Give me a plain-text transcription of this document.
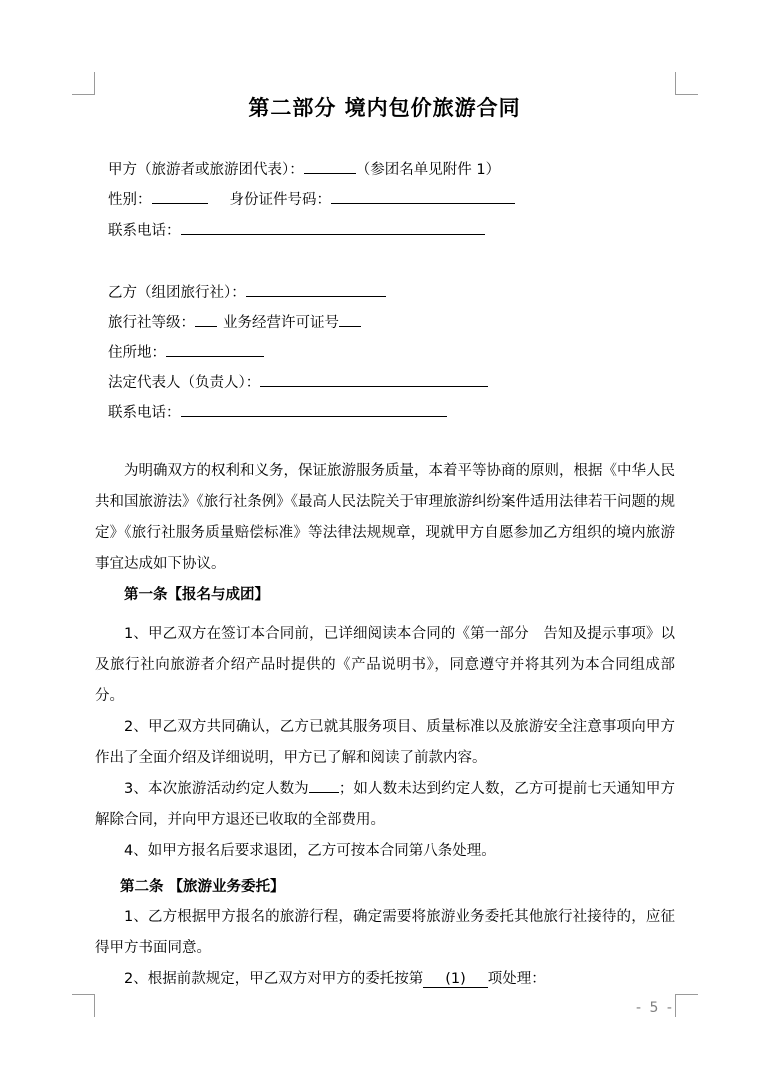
第二部分 境内包价旅游合同
甲方（旅游者或旅游团代表）：	（参团名单见附件 1）
性别：	身份证件号码：
联系电话：
乙方（组团旅行社）：
旅行社等级： 业务经营许可证号
住所地：
法定代表人（负责人）：
联系电话：
为明确双方的权利和义务，保证旅游服务质量，本着平等协商的原则，根据《中华人民共和国旅游法》《旅行社条例》《最高人民法院关于审理旅游纠纷案件适用法律若干问题的规定》《旅行社服务质量赔偿标准》等法律法规规章，现就甲方自愿参加乙方组织的境内旅游事宜达成如下协议。
第一条【报名与成团】
1、甲乙双方在签订本合同前，已详细阅读本合同的《第一部分　告知及提示事项》以及旅行社向旅游者介绍产品时提供的《产品说明书》，同意遵守并将其列为本合同组成部分。
2、甲乙双方共同确认，乙方已就其服务项目、质量标准以及旅游安全注意事项向甲方作出了全面介绍及详细说明，甲方已了解和阅读了前款内容。
3、本次旅游活动约定人数为 ；如人数未达到约定人数，乙方可提前七天通知甲方解除合同，并向甲方退还已收取的全部费用。
4、如甲方报名后要求退团，乙方可按本合同第八条处理。
第二条 【旅游业务委托】
1、乙方根据甲方报名的旅游行程，确定需要将旅游业务委托其他旅行社接待的，应征得甲方书面同意。
2、根据前款规定，甲乙双方对甲方的委托按第 (1) 项处理：
- 5 -
